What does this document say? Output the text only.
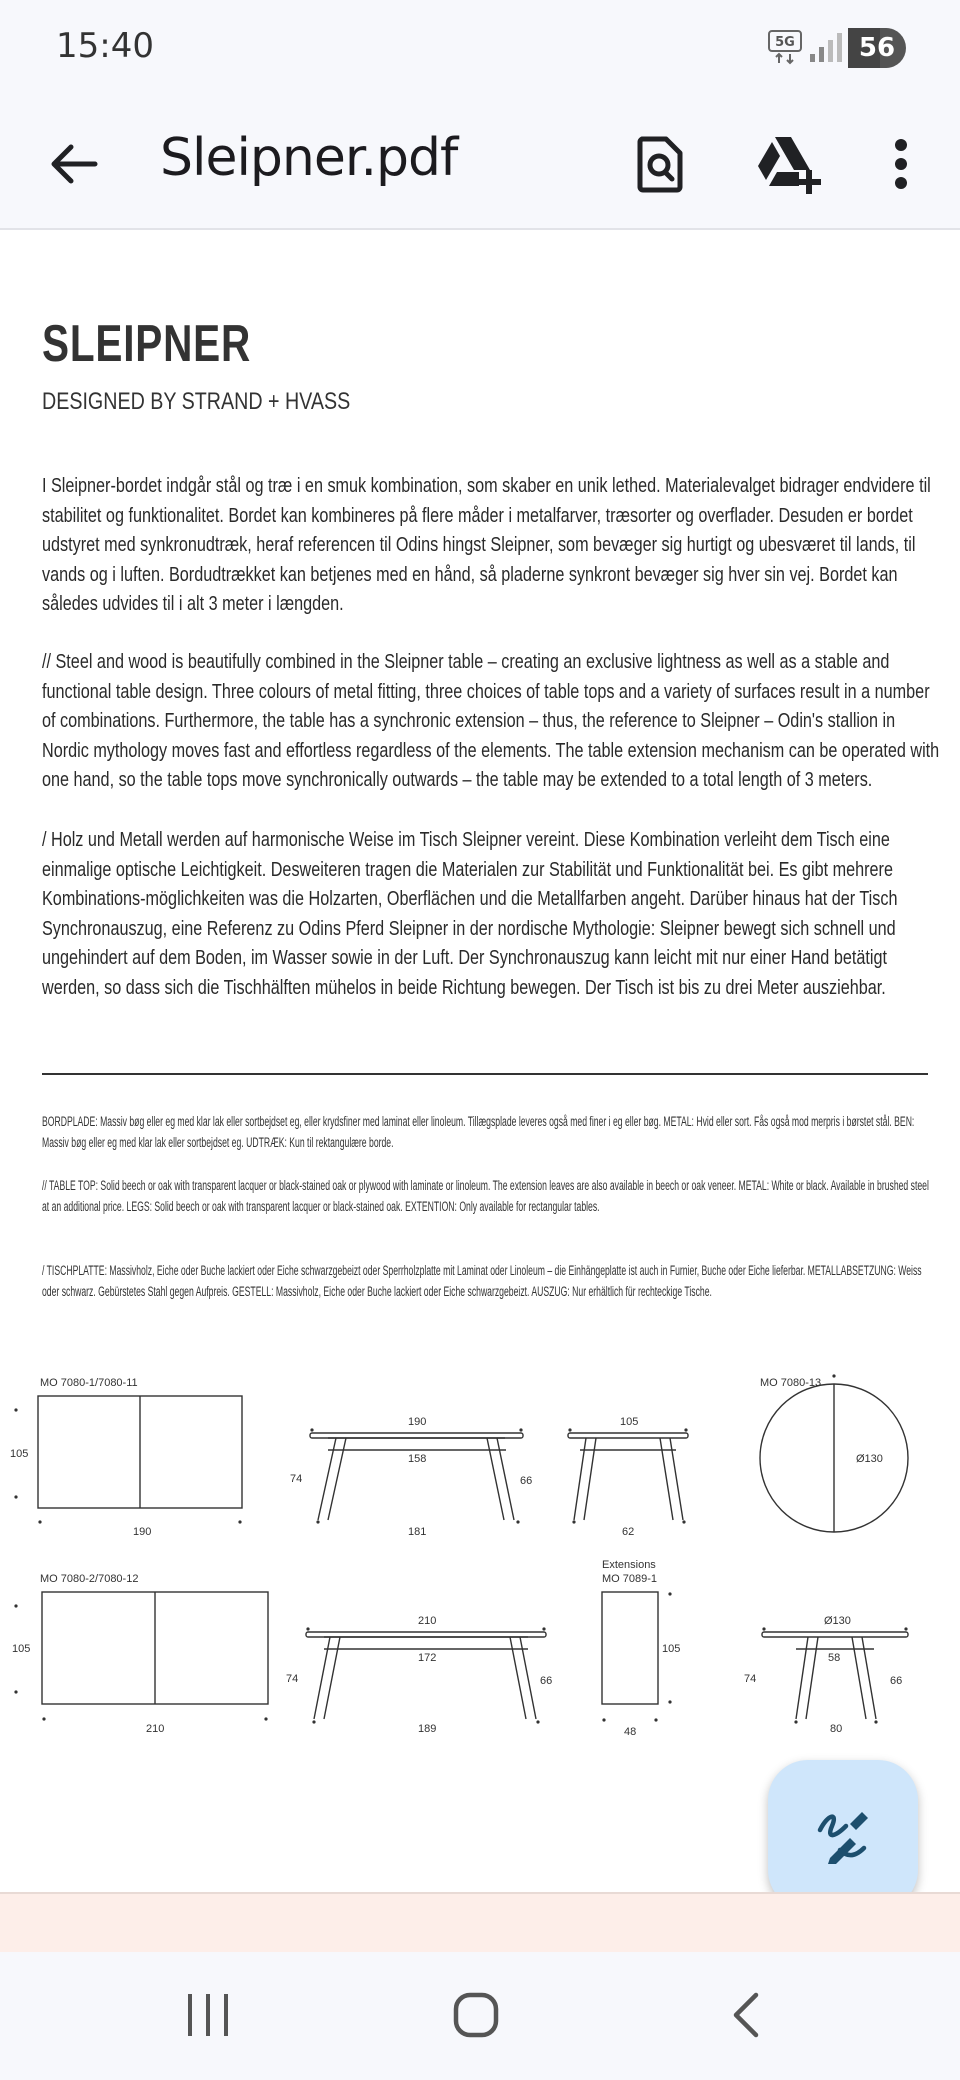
15:40	5G	56
Sleipner.pdf
SLEIPNER
DESIGNED BY STRAND + HVASS
I Sleipner-bordet indgår stål og træ i en smuk kombination, som skaber en unik lethed. Materialevalget bidrager endvidere til stabilitet og funktionalitet. Bordet kan kombineres på flere måder i metalfarver, træsorter og overflader. Desuden er bordet udstyret med synkronudtræk, heraf referencen til Odins hingst Sleipner, som bevæger sig hurtigt og ubesværet til lands, til vands og i luften. Bordudtrækket kan betjenes med en hånd, så pladerne synkront bevæger sig hver sin vej. Bordet kan således udvides til i alt 3 meter i længden.
// Steel and wood is beautifully combined in the Sleipner table – creating an exclusive lightness as well as a stable and functional table design. Three colours of metal fitting, three choices of table tops and a variety of surfaces result in a number of combinations. Furthermore, the table has a synchronic extension – thus, the reference to Sleipner – Odin's stallion in Nordic mythology moves fast and effortless regardless of the elements. The table extension mechanism can be operated with one hand, so the table tops move synchronically outwards – the table may be extended to a total length of 3 meters.
/ Holz und Metall werden auf harmonische Weise im Tisch Sleipner vereint. Diese Kombination verleiht dem Tisch eine einmalige optische Leichtigkeit. Desweiteren tragen die Materialen zur Stabilität und Funktionalität bei. Es gibt mehrere Kombinations-möglichkeiten was die Holzarten, Oberflächen und die Metallfarben angeht. Darüber hinaus hat der Tisch Synchronauszug, eine Referenz zu Odins Pferd Sleipner in der nordische Mythologie: Sleipner bewegt sich schnell und ungehindert auf dem Boden, im Wasser sowie in der Luft. Der Synchronauszug kann leicht mit nur einer Hand betätigt werden, so dass sich die Tischhälften mühelos in beide Richtung bewegen. Der Tisch ist bis zu drei Meter ausziehbar.
BORDPLADE: Massiv bøg eller eg med klar lak eller sortbejdset eg, eller krydsfiner med laminat eller linoleum. Tillægsplade leveres også med finer i eg eller bøg. METAL: Hvid eller sort. Fås også mod merpris i børstet stål. BEN: Massiv bøg eller eg med klar lak eller sortbejdset eg. UDTRÆK: Kun til rektangulære borde.
// TABLE TOP: Solid beech or oak with transparent lacquer or black-stained oak or plywood with laminate or linoleum. The extension leaves are also available in beech or oak veneer. METAL: White or black. Available in brushed steel at an additional price. LEGS: Solid beech or oak with transparent lacquer or black-stained oak. EXTENTION: Only available for rectangular tables.
/ TISCHPLATTE: Massivholz, Eiche oder Buche lackiert oder Eiche schwarzgebeizt oder Sperrholzplatte mit Laminat oder Linoleum – die Einhängeplatte ist auch in Furnier, Buche oder Eiche lieferbar. METALLABSETZUNG: Weiss oder schwarz. Gebürstetes Stahl gegen Aufpreis. GESTELL: Massivholz, Eiche oder Buche lackiert oder Eiche schwarzgebeizt. AUSZUG: Nur erhältlich für rechteckige Tische.
MO 7080-1/7080-11	MO 7080-13
105
190
190
158
74	66
181
105
62
Ø130
MO 7080-2/7080-12
Extensions
MO 7089-1
105
210
210
172
74	66
189
105
48
Ø130
58
74	66
80
